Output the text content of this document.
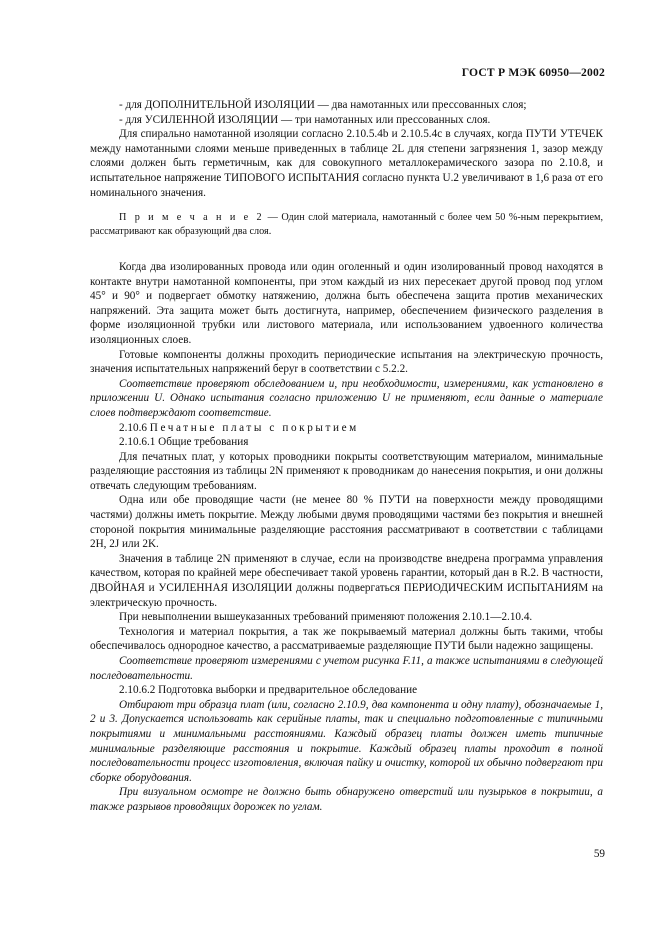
ГОСТ Р МЭК 60950—2002

- для ДОПОЛНИТЕЛЬНОЙ ИЗОЛЯЦИИ — два намотанных или прессованных слоя;

- для УСИЛЕННОЙ ИЗОЛЯЦИИ — три намотанных или прессованных слоя.

Для спирально намотанной изоляции согласно 2.10.5.4b и 2.10.5.4c в случаях, когда ПУТИ УТЕЧЕК между намотанными слоями меньше приведенных в таблице 2L для степени загрязнения 1, зазор между слоями должен быть герметичным, как для совокупного металлокерамического зазора по 2.10.8, и испытательное напряжение ТИПОВОГО ИСПЫТАНИЯ согласно пункта U.2 увеличивают в 1,6 раза от его номинального значения.

П р и м е ч а н и е 2 — Один слой материала, намотанный с более чем 50 %-ным перекрытием, рассматривают как образующий два слоя.

Когда два изолированных провода или один оголенный и один изолированный провод находятся в контакте внутри намотанной компоненты, при этом каждый из них пересекает другой провод под углом 45° и 90° и подвергает обмотку натяжению, должна быть обеспечена защита против механических напряжений. Эта защита может быть достигнута, например, обеспечением физического разделения в форме изоляционной трубки или листового материала, или использованием удвоенного количества изоляционных слоев.

Готовые компоненты должны проходить периодические испытания на электрическую прочность, значения испытательных напряжений беруr в соответствии с 5.2.2.

Соответствие проверяют обследованием и, при необходимости, измерениями, как установлено в приложении U. Однако испытания согласно приложению U не применяют, если данные о материале слоев подтверждают соответствие.

2.10.6 Печатные платы с покрытием

2.10.6.1 Общие требования

Для печатных плат, у которых проводники покрыты соответствующим материалом, минимальные разделяющие расстояния из таблицы 2N применяют к проводникам до нанесения покрытия, и они должны отвечать следующим требованиям.

Одна или обе проводящие части (не менее 80 % ПУТИ на поверхности между проводящими частями) должны иметь покрытие. Между любыми двумя проводящими частями без покрытия и внешней стороной покрытия минимальные разделяющие расстояния рассматривают в соответствии с таблицами 2H, 2J или 2K.

Значения в таблице 2N применяют в случае, если на производстве внедрена программа управления качеством, которая по крайней мере обеспечивает такой уровень гарантии, который дан в R.2. В частности, ДВОЙНАЯ и УСИЛЕННАЯ ИЗОЛЯЦИИ должны подвергаться ПЕРИОДИЧЕСКИМ ИСПЫТАНИЯМ на электрическую прочность.

При невыполнении вышеуказанных требований применяют положения 2.10.1—2.10.4.

Технология и материал покрытия, а так же покрываемый материал должны быть такими, чтобы обеспечивалось однородное качество, а рассматриваемые разделяющие ПУТИ были надежно защищены.

Соответствие проверяют измерениями с учетом рисунка F.11, а также испытаниями в следующей последовательности.

2.10.6.2 Подготовка выборки и предварительное обследование

Отбирают три образца плат (или, согласно 2.10.9, два компонента и одну плату), обозначаемые 1, 2 и 3. Допускается использовать как серийные платы, так и специально подготовленные с типичными покрытиями и минимальными расстояниями. Каждый образец платы должен иметь типичные минимальные разделяющие расстояния и покрытие. Каждый образец платы проходит в полной последовательности процесс изготовления, включая пайку и очистку, которой их обычно подвергают при сборке оборудования.

При визуальном осмотре не должно быть обнаружено отверстий или пузырьков в покрытии, а также разрывов проводящих дорожек по углам.

59
